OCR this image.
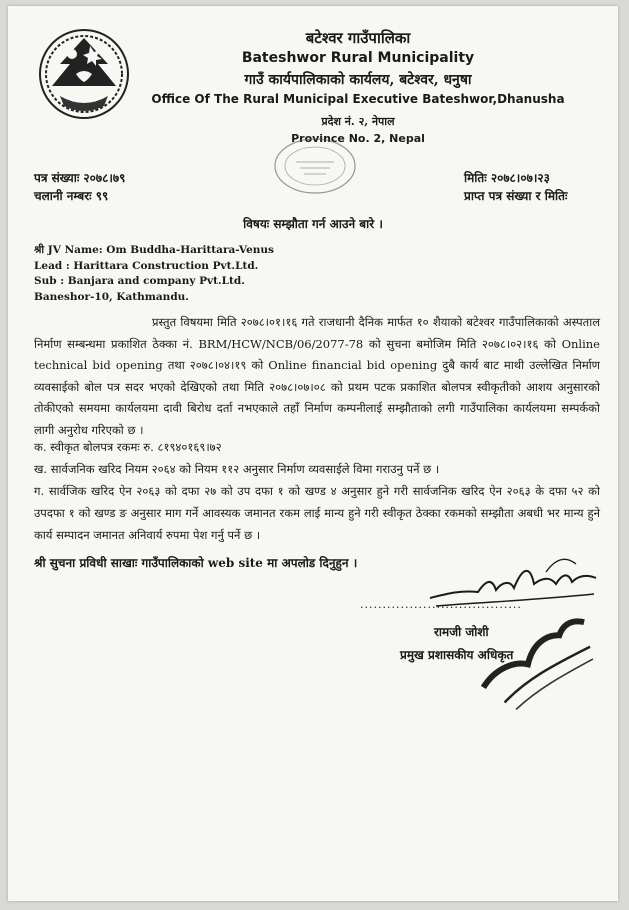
बटेश्वर गाउँपालिका
Bateshwor Rural Municipality
गाउँ कार्यपालिकाको कार्यलय, बटेश्वर, धनुषा
Office Of The Rural Municipal Executive Bateshwor,Dhanusha
प्रदेश नं. २, नेपाल
Province No. 2, Nepal
पत्र संख्याः २०७८।७९
चलानी नम्बरः ९९
मितिः २०७८।०७।२३
प्राप्त पत्र संख्या र मितिः
विषयः सम्झौता गर्न आउने बारे ।
श्री JV Name: Om Buddha-Harittara-Venus
Lead : Harittara Construction Pvt.Ltd.
Sub : Banjara and company Pvt.Ltd.
Baneshor-10, Kathmandu.

प्रस्तुत विषयमा मिति २०७८।०१।१६ गते राजधानी दैनिक मार्फत १० शैयाको बटेश्वर गाउँपालिकाको अस्पताल निर्माण सम्बन्धमा प्रकाशित ठेक्का नं. BRM/HCW/NCB/06/2077-78 को सुचना बमोजिम मिति २०७८।०२।१६ को Online technical bid opening तथा २०७८।०४।१९ को Online financial bid opening दुबै कार्य बाट माथी उल्लेखित निर्माण व्यवसाईको बोल पत्र सदर भएको देखिएको तथा मिति २०७८।०७।०८ को प्रथम पटक प्रकाशित बोलपत्र स्वीकृतीको आशय अनुसारको तोकीएको समयमा कार्यलयमा दावी बिरोध दर्ता नभएकाले तहाँ निर्माण कम्पनीलाई सम्झौताको लगी गाउँपालिका कार्यलयमा सम्पर्कको लागी अनुरोध गरिएको छ ।

क. स्वीकृत बोलपत्र रकमः रु. ८१९४०१६९।७२

ख. सार्वजनिक खरिद नियम २०६४ को नियम ११२ अनुसार निर्माण व्यवसाईले विमा गराउनु पर्ने छ ।

ग. सार्वजिक खरिद ऐन २०६३ को दफा २७ को उप दफा १ को खण्ड ४ अनुसार हुने गरी सार्वजनिक खरिद ऐन २०६३ के दफा ५२ को उपदफा १ को खण्ड ङ अनुसार माग गर्ने आवस्यक जमानत रकम लाई मान्य हुने गरी स्वीकृत ठेक्का रकमको सम्झौता अबधी भर मान्य हुने कार्य सम्पादन जमानत अनिवार्य रुपमा पेश गर्नु पर्ने छ ।

श्री सुचना प्रविधी साखाः गाउँपालिकाको web site मा अपलोड दिनुहुन ।
....................................
रामजी जोशी
प्रमुख प्रशासकीय अधिकृत
